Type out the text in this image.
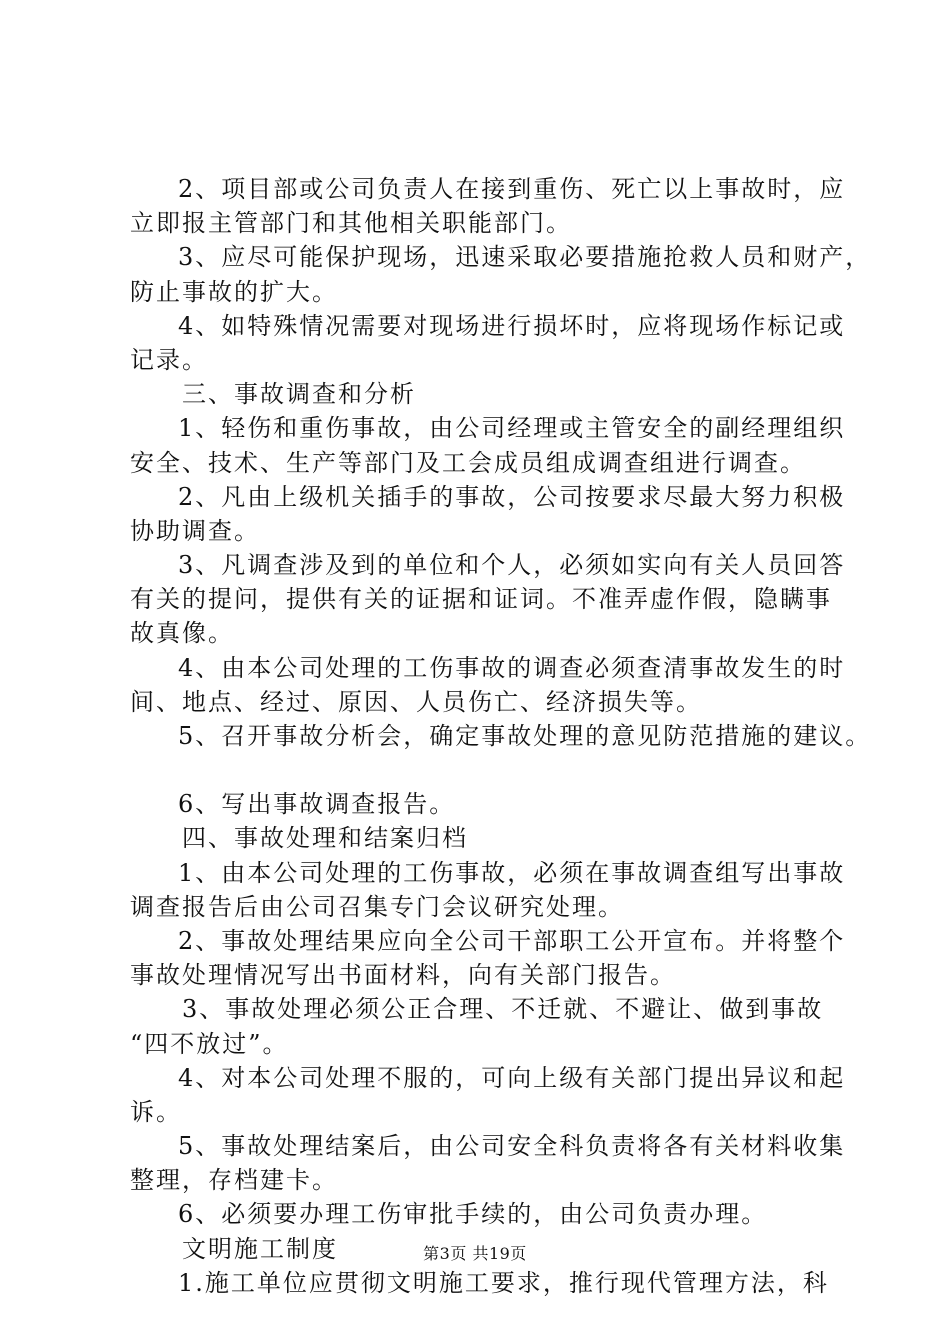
2、项目部或公司负责人在接到重伤、死亡以上事故时，应
立即报主管部门和其他相关职能部门。
3、应尽可能保护现场，迅速采取必要措施抢救人员和财产，
防止事故的扩大。
4、如特殊情况需要对现场进行损坏时，应将现场作标记或
记录。
三、事故调查和分析
1、轻伤和重伤事故，由公司经理或主管安全的副经理组织
安全、技术、生产等部门及工会成员组成调查组进行调查。
2、凡由上级机关插手的事故，公司按要求尽最大努力积极
协助调查。
3、凡调查涉及到的单位和个人，必须如实向有关人员回答
有关的提问，提供有关的证据和证词。不准弄虚作假，隐瞒事
故真像。
4、由本公司处理的工伤事故的调查必须查清事故发生的时
间、地点、经过、原因、人员伤亡、经济损失等。
5、召开事故分析会，确定事故处理的意见防范措施的建议。
6、写出事故调查报告。
四、事故处理和结案归档
1、由本公司处理的工伤事故，必须在事故调查组写出事故
调查报告后由公司召集专门会议研究处理。
2、事故处理结果应向全公司干部职工公开宣布。并将整个
事故处理情况写出书面材料，向有关部门报告。
3、事故处理必须公正合理、不迁就、不避让、做到事故
“四不放过”。
4、对本公司处理不服的，可向上级有关部门提出异议和起
诉。
5、事故处理结案后，由公司安全科负责将各有关材料收集
整理，存档建卡。
6、必须要办理工伤审批手续的，由公司负责办理。
文明施工制度
1.施工单位应贯彻文明施工要求，推行现代管理方法，科
第3页 共19页
